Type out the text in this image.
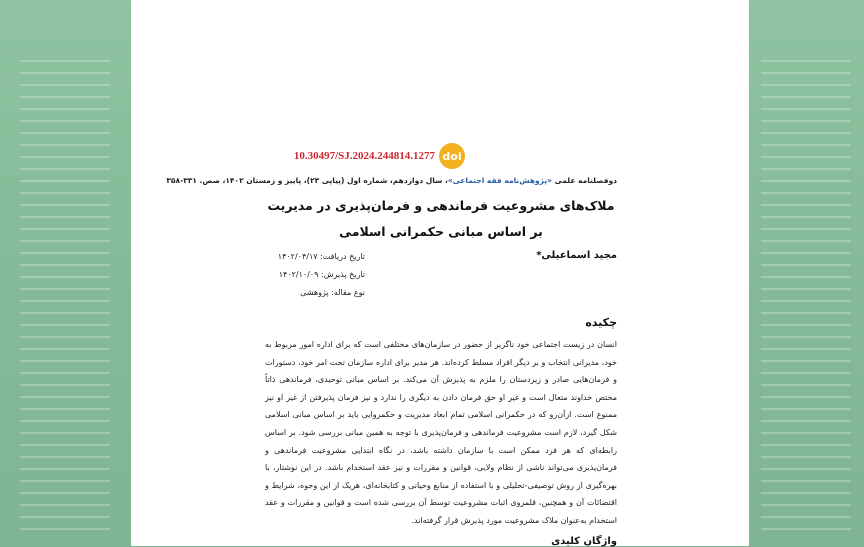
doi
10.30497/SJ.2024.244814.1277
دوفصلنامه علمی «پژوهش‌نامه فقه اجتماعی»، سال دوازدهم، شماره اول (پیاپی ۲۳)، پاییز و زمستان ۱۴۰۲، صص. ۳۳۱-۳۵۸
ملاک‌های مشروعیت فرماندهی و فرمان‌پذیری در مدیریت
بر اساس مبانی حکمرانی اسلامی
مجید اسماعیلی*
تاریخ دریافت: ۱۴۰۲/۰۴/۱۷
تاریخ پذیرش: ۱۴۰۲/۱۰/۰۹
نوع مقاله: پژوهشی
چکیده
انسان در زیست اجتماعی خود ناگزیر از حضور در سازمان‌های مختلفی است که برای اداره امور مربوط به خود، مدیرانی انتخاب و بر دیگر افراد مسلط کرده‌اند. هر مدیر برای اداره سازمان تحت امر خود، دستورات و فرمان‌هایی صادر و زیردستان را ملزم به پذیرش آن می‌کند. بر اساس مبانی توحیدی، فرماندهی ذاتاً مختص خداوند متعال است و غیر او حق فرمان دادن به دیگری را ندارد و نیز فرمان پذیرفتن از غیر او نیز ممنوع است. ازآن‌رو که در حکمرانی اسلامی تمام ابعاد مدیریت و حکمروایی باید بر اساس مبانی اسلامی شکل گیرد، لازم است مشروعیت فرماندهی و فرمان‌پذیری با توجه به همین مبانی بررسی شود. بر اساس رابطه‌ای که هر فرد ممکن است با سازمان داشته باشد، در نگاه ابتدایی مشروعیت فرماندهی و فرمان‌پذیری می‌تواند ناشی از نظام ولایی، قوانین و مقررات و نیز عقد استخدام باشد. در این نوشتار، با بهره‌گیری از روش توصیفی-تحلیلی و با استفاده از منابع وحیانی و کتابخانه‌ای، هریک از این وجوه، شرایط و اقتضائات آن و همچنین، قلمروی اثبات مشروعیت توسط آن بررسی شده است و قوانین و مقررات و عقد استخدام به‌عنوان ملاک مشروعیت مورد پذیرش قرار گرفته‌اند.
واژگان کلیدی
